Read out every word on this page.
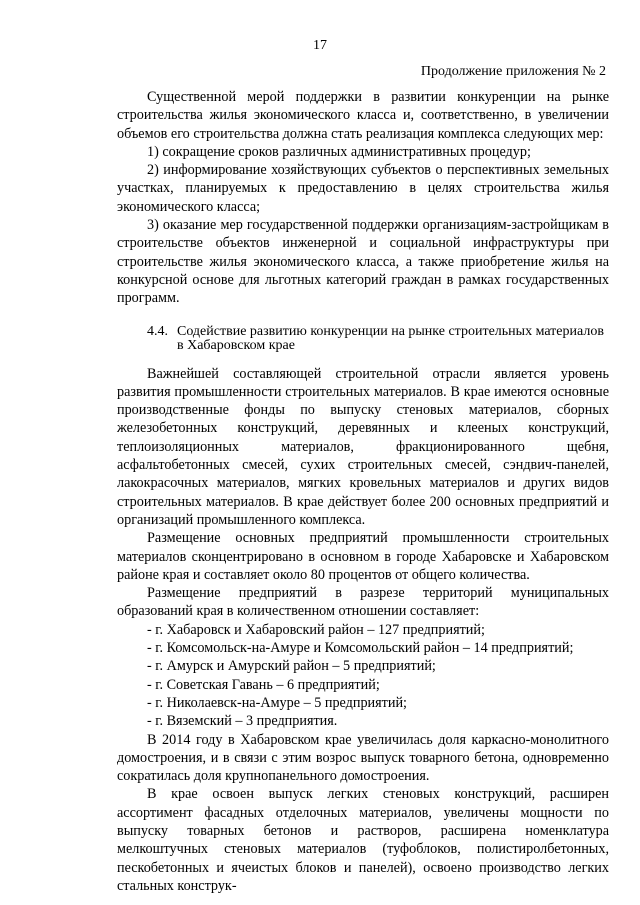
17
Продолжение приложения № 2

Существенной мерой поддержки в развитии конкуренции на рынке строительства жилья экономического класса и, соответственно, в увеличении объемов его строительства должна стать реализация комплекса следующих мер:

1) сокращение сроков различных административных процедур;

2) информирование хозяйствующих субъектов о перспективных земельных участках, планируемых к предоставлению в целях строительства жилья экономического класса;

3) оказание мер государственной поддержки организациям-застройщикам в строительстве объектов инженерной и социальной инфраструктуры при строительстве жилья экономического класса, а также приобретение жилья на конкурсной основе для льготных категорий граждан в рамках государственных программ.

4.4. Содействие развитию конкуренции на рынке строительных материалов в Хабаровском крае

Важнейшей составляющей строительной отрасли является уровень развития промышленности строительных материалов. В крае имеются основные производственные фонды по выпуску стеновых материалов, сборных железобетонных конструкций, деревянных и клееных конструкций, теплоизоляционных материалов, фракционированного щебня, асфальтобетонных смесей, сухих строительных смесей, сэндвич-панелей, лакокрасочных материалов, мягких кровельных материалов и других видов строительных материалов. В крае действует более 200 основных предприятий и организаций промышленного комплекса.

Размещение основных предприятий промышленности строительных материалов сконцентрировано в основном в городе Хабаровске и Хабаровском районе края и составляет около 80 процентов от общего количества.

Размещение предприятий в разрезе территорий муниципальных образований края в количественном отношении составляет:

- г. Хабаровск и Хабаровский район – 127 предприятий;
- г. Комсомольск-на-Амуре и Комсомольский район – 14 предприятий;
- г. Амурск и Амурский район – 5 предприятий;
- г. Советская Гавань – 6 предприятий;
- г. Николаевск-на-Амуре – 5 предприятий;
- г. Вяземский – 3 предприятия.

В 2014 году в Хабаровском крае увеличилась доля каркасно-монолитного домостроения, и в связи с этим возрос выпуск товарного бетона, одновременно сократилась доля крупнопанельного домостроения.

В крае освоен выпуск легких стеновых конструкций, расширен ассортимент фасадных отделочных материалов, увеличены мощности по выпуску товарных бетонов и растворов, расширена номенклатура мелкоштучных стеновых материалов (туфоблоков, полистиролбетонных, пескобетонных и ячеистых блоков и панелей), освоено производство легких стальных конструк-
